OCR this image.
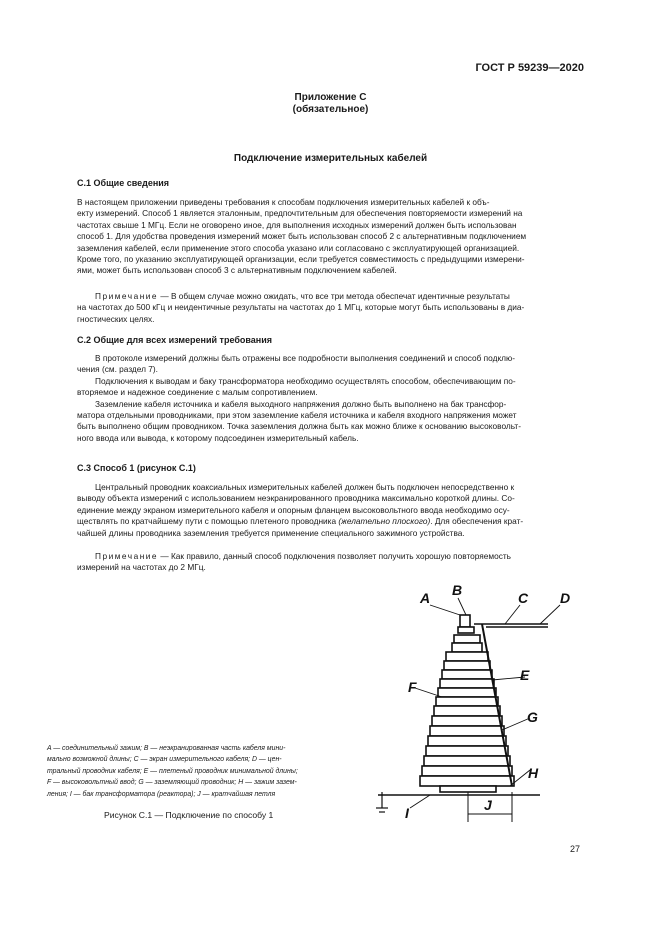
ГОСТ Р 59239—2020
Приложение С
(обязательное)
Подключение измерительных кабелей
С.1 Общие сведения

В настоящем приложении приведены требования к способам подключения измерительных кабелей к объ-

екту измерений. Способ 1 является эталонным, предпочтительным для обеспечения повторяемости измерений на

частотах свыше 1 МГц. Если не оговорено иное, для выполнения исходных измерений должен быть использован

способ 1. Для удобства проведения измерений может быть использован способ 2 с альтернативным подключением

заземления кабелей, если применение этого способа указано или согласовано с эксплуатирующей организацией.

Кроме того, по указанию эксплуатирующей организации, если требуется совместимость с предыдущими измерени-

ями, может быть использован способ 3 с альтернативным подключением кабелей.

Примечание — В общем случае можно ожидать, что все три метода обеспечат идентичные результаты

на частотах до 500 кГц и неидентичные результаты на частотах до 1 МГц, которые могут быть использованы в диа-

гностических целях.

С.2 Общие для всех измерений требования

В протоколе измерений должны быть отражены все подробности выполнения соединений и способ подклю-

чения (см. раздел 7).

Подключения к выводам и баку трансформатора необходимо осуществлять способом, обеспечивающим по-

вторяемое и надежное соединение с малым сопротивлением.

Заземление кабеля источника и кабеля выходного напряжения должно быть выполнено на бак трансфор-

матора отдельными проводниками, при этом заземление кабеля источника и кабеля входного напряжения может

быть выполнено общим проводником. Точка заземления должна быть как можно ближе к основанию высоковольт-

ного ввода или вывода, к которому подсоединен измерительный кабель.

С.3 Способ 1 (рисунок С.1)

Центральный проводник коаксиальных измерительных кабелей должен быть подключен непосредственно к

выводу объекта измерений с использованием неэкранированного проводника максимально короткой длины. Со-

единение между экраном измерительного кабеля и опорным фланцем высоковольтного ввода необходимо осу-

ществлять по кратчайшему пути с помощью плетеного проводника (желательно плоского). Для обеспечения крат-

чайшей длины проводника заземления требуется применение специального зажимного устройства.

Примечание — Как правило, данный способ подключения позволяет получить хорошую повторяемость

измерений на частотах до 2 МГц.

A — соединительный зажим; B — неэкранированная часть кабеля мини-
мально возможной длины; C — экран измерительного кабеля; D — цен-
тральный проводник кабеля; E — плетеный проводник минимальной длины;
F — высоковольтный ввод; G — заземляющий проводник; H — зажим зазем-
ления; I — бак трансформатора (реактора); J — кратчайшая петля
A B	C D
E
F
G
H
I	J
Рисунок С.1 — Подключение по способу 1
27
